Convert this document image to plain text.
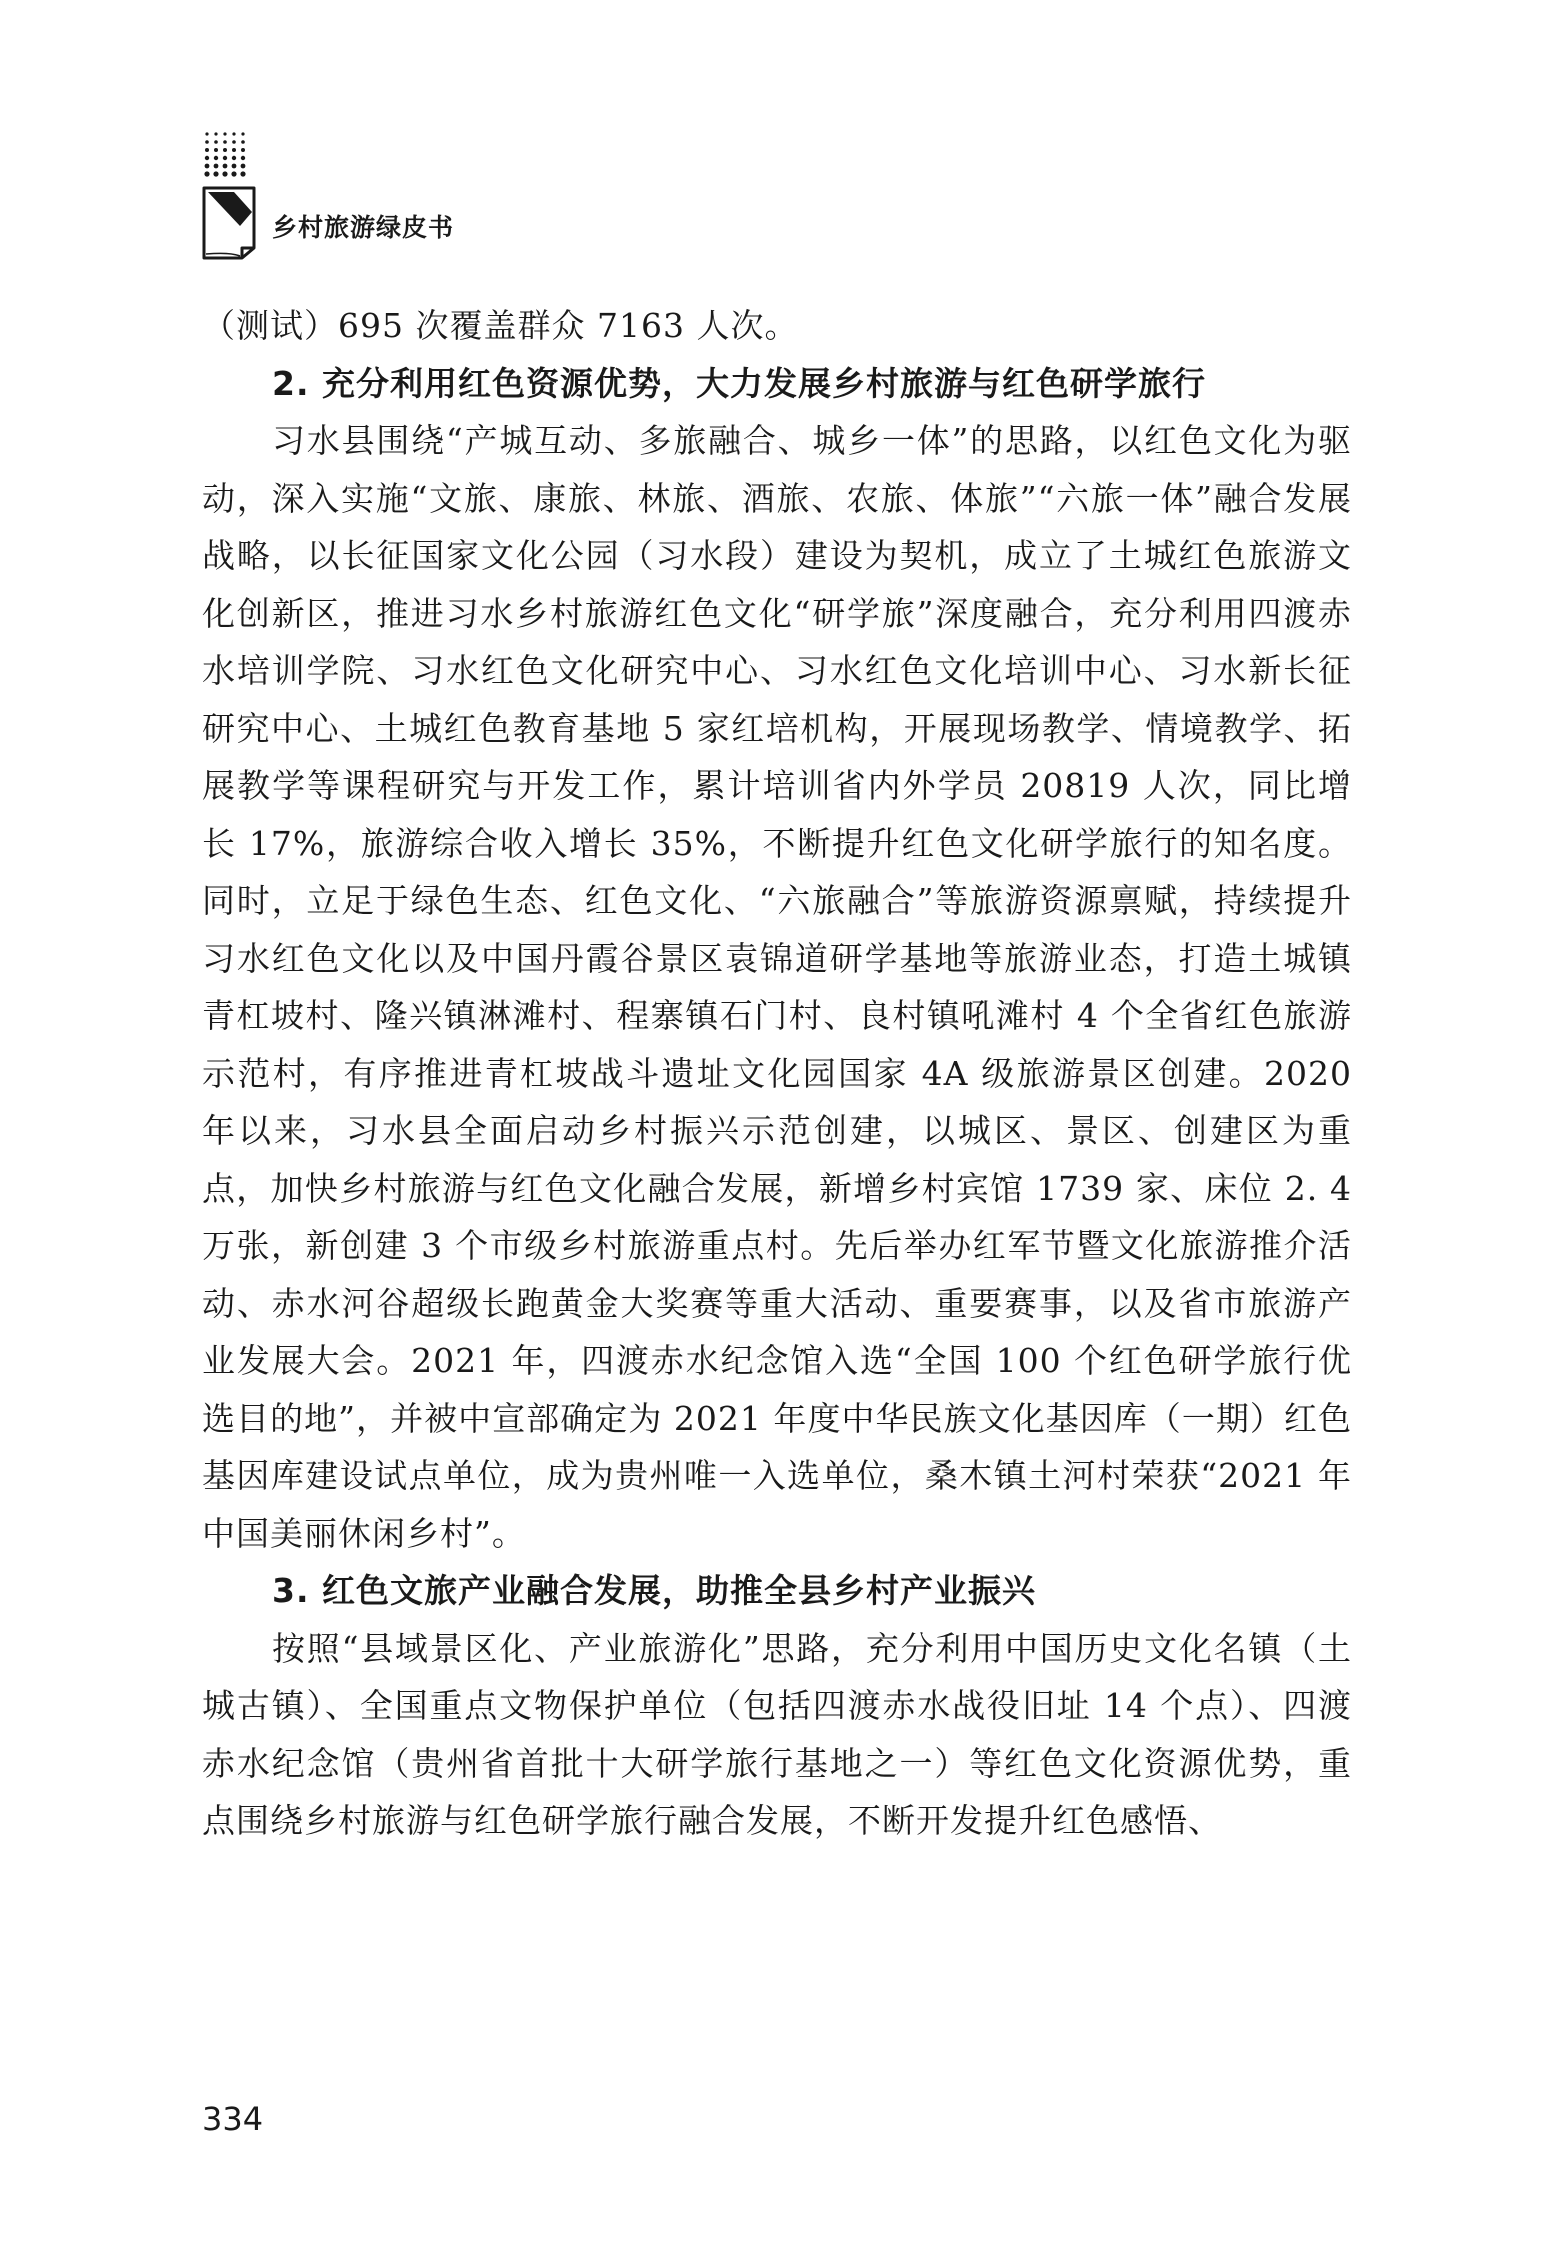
乡村旅游绿皮书

（测试）695 次覆盖群众 7163 人次。

2. 充分利用红色资源优势，大力发展乡村旅游与红色研学旅行

习水县围绕“产城互动、多旅融合、城乡一体”的思路，以红色文化为驱动，深入实施“文旅、康旅、林旅、酒旅、农旅、体旅”“六旅一体”融合发展战略，以长征国家文化公园（习水段）建设为契机，成立了土城红色旅游文化创新区，推进习水乡村旅游红色文化“研学旅”深度融合，充分利用四渡赤水培训学院、习水红色文化研究中心、习水红色文化培训中心、习水新长征研究中心、土城红色教育基地 5 家红培机构，开展现场教学、情境教学、拓展教学等课程研究与开发工作，累计培训省内外学员 20819 人次，同比增长 17%，旅游综合收入增长 35%，不断提升红色文化研学旅行的知名度。同时，立足于绿色生态、红色文化、“六旅融合”等旅游资源禀赋，持续提升习水红色文化以及中国丹霞谷景区袁锦道研学基地等旅游业态，打造土城镇青杠坡村、隆兴镇淋滩村、程寨镇石门村、良村镇吼滩村 4 个全省红色旅游示范村，有序推进青杠坡战斗遗址文化园国家 4A 级旅游景区创建。2020 年以来，习水县全面启动乡村振兴示范创建，以城区、景区、创建区为重点，加快乡村旅游与红色文化融合发展，新增乡村宾馆 1739 家、床位 2. 4 万张，新创建 3 个市级乡村旅游重点村。先后举办红军节暨文化旅游推介活动、赤水河谷超级长跑黄金大奖赛等重大活动、重要赛事，以及省市旅游产业发展大会。2021 年，四渡赤水纪念馆入选“全国 100 个红色研学旅行优选目的地”，并被中宣部确定为 2021 年度中华民族文化基因库（一期）红色基因库建设试点单位，成为贵州唯一入选单位，桑木镇土河村荣获“2021 年中国美丽休闲乡村”。

3. 红色文旅产业融合发展，助推全县乡村产业振兴

按照“县域景区化、产业旅游化”思路，充分利用中国历史文化名镇（土城古镇）、全国重点文物保护单位（包括四渡赤水战役旧址 14 个点）、四渡赤水纪念馆（贵州省首批十大研学旅行基地之一）等红色文化资源优势，重点围绕乡村旅游与红色研学旅行融合发展，不断开发提升红色感悟、

334
